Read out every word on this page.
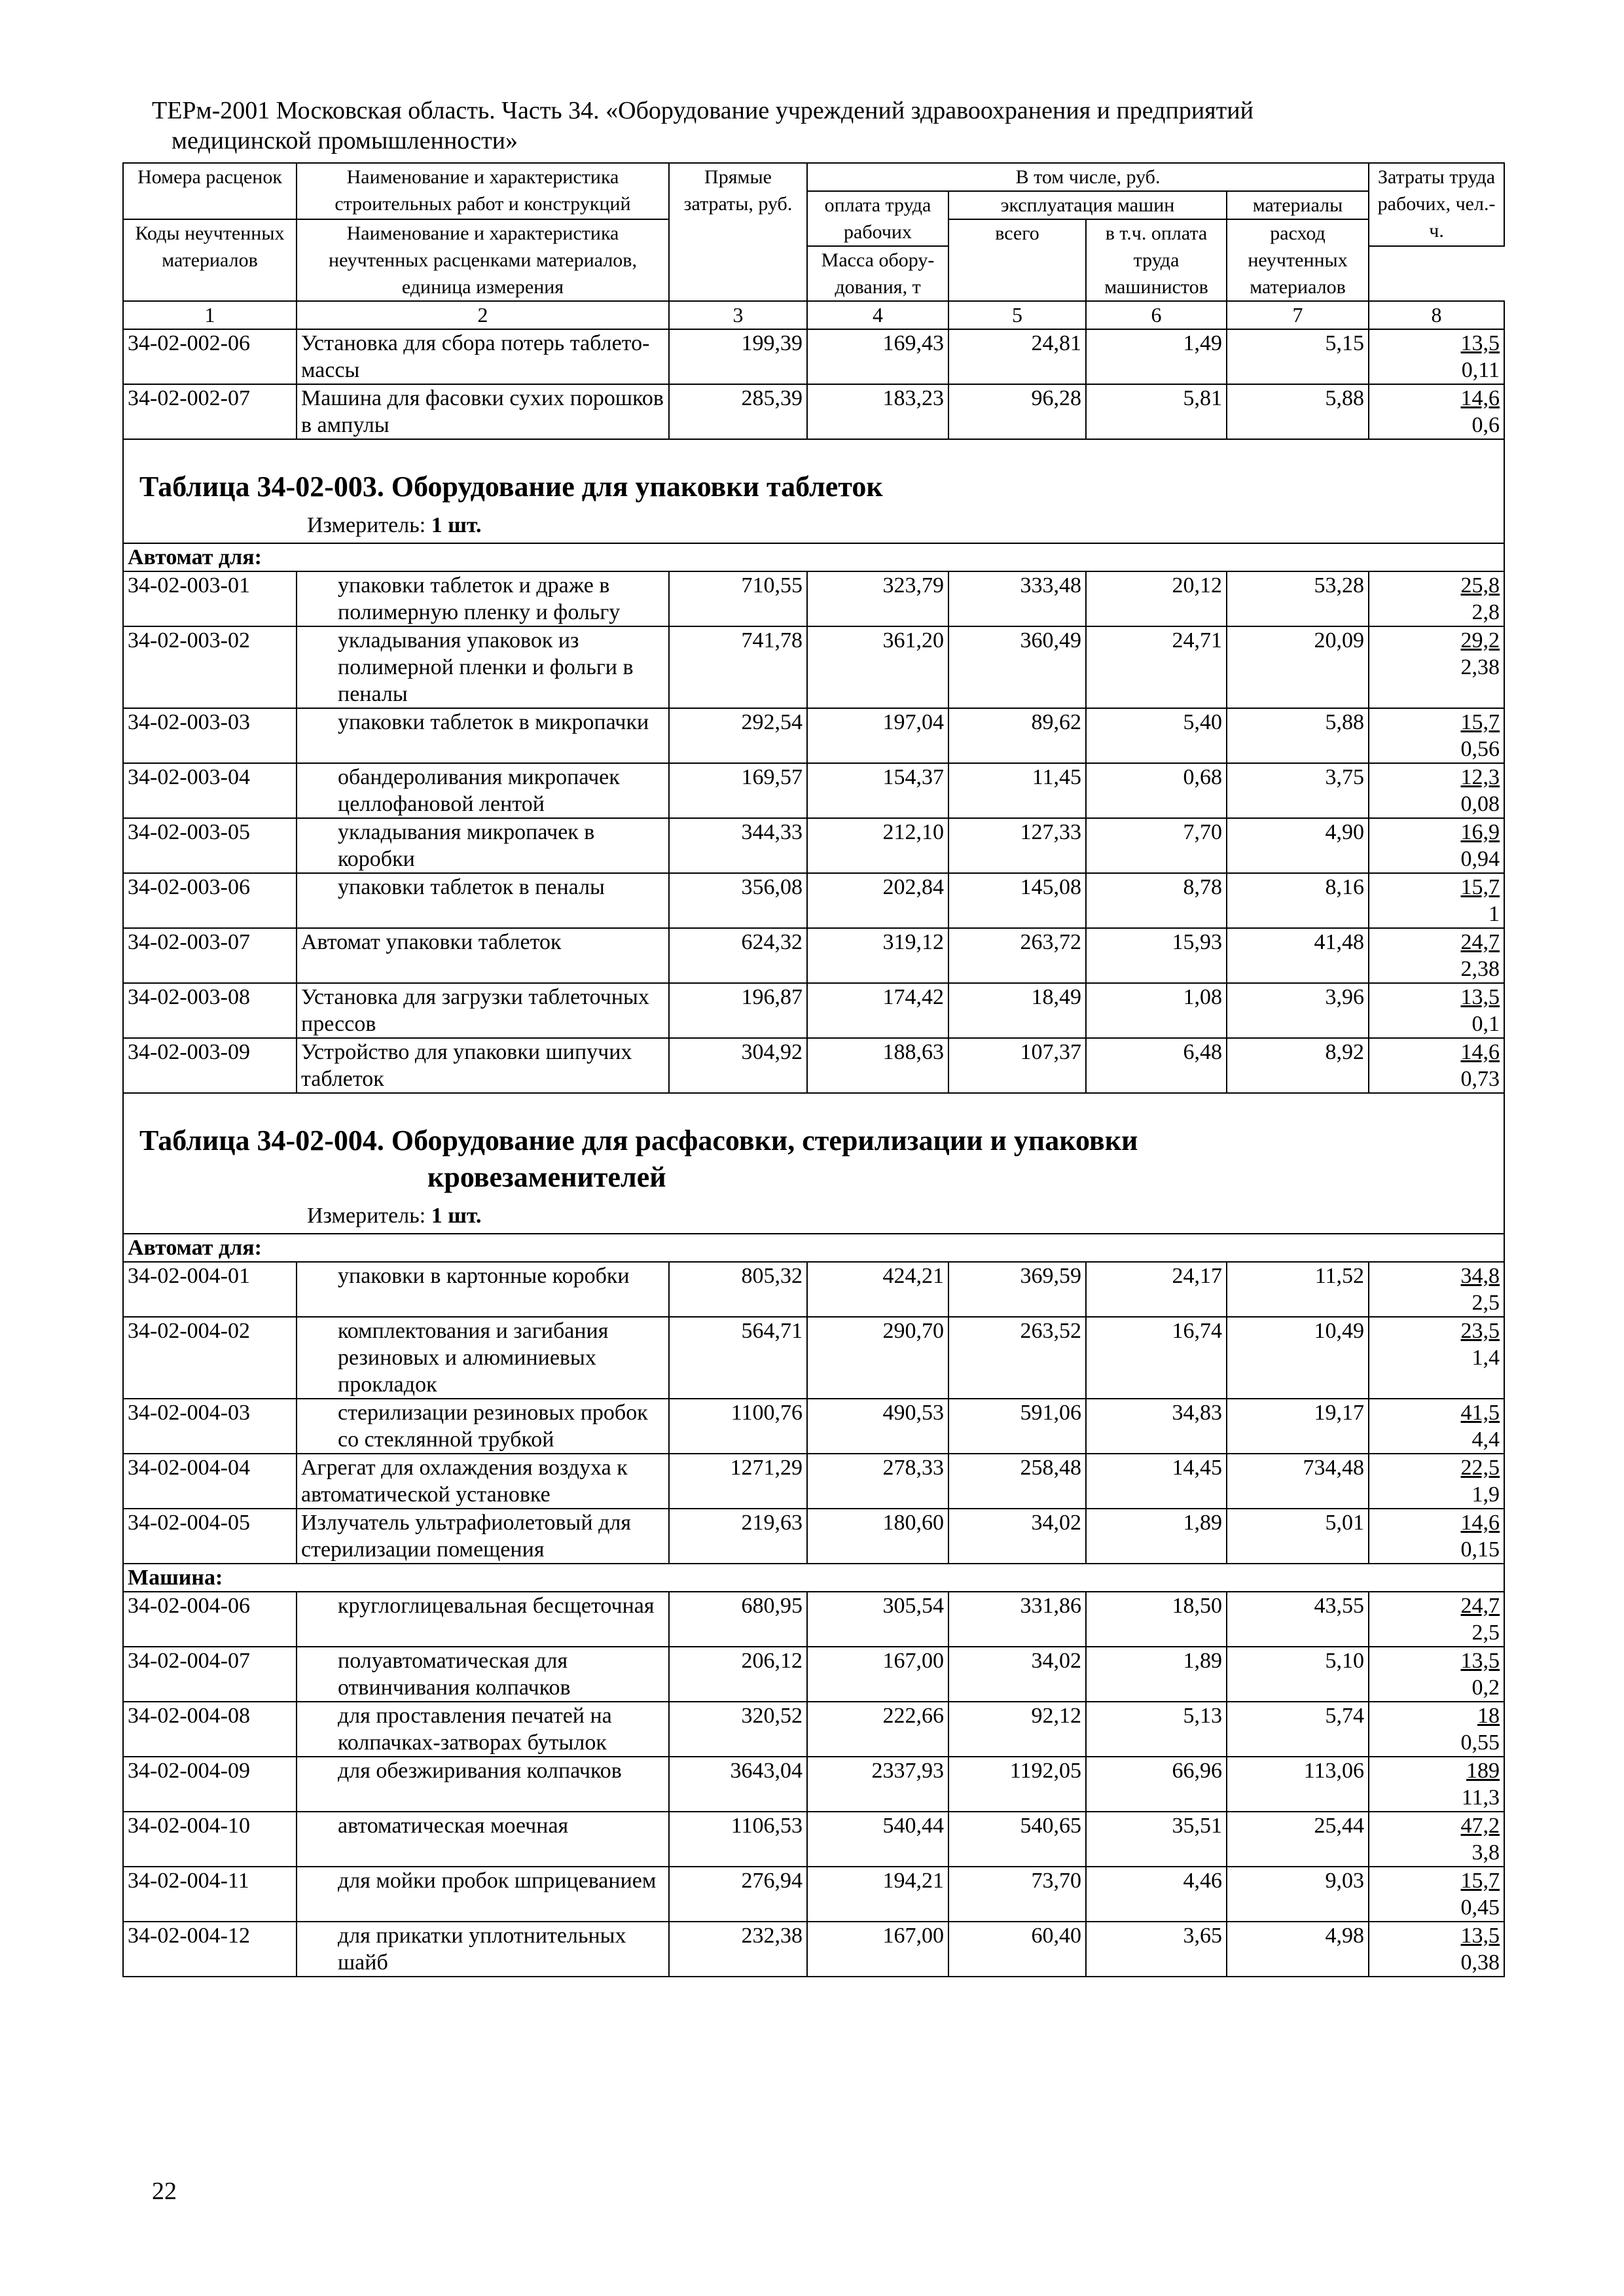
ТЕРм-2001 Московская область. Часть 34. «Оборудование учреждений здравоохранения и предприятий
медицинской промышленности»
Номера расценок	Наименование и характеристика строительных работ и конструкций	Прямые затраты, руб.	В том числе, руб.				Затраты труда рабочих, чел.-ч.
			оплата труда рабочих	эксплуатация машин		материалы	
Коды неучтенных материалов	Наименование и характеристика неучтенных расценками материалов, единица измерения			всего	в т.ч. оплата труда машинистов	расход неучтенных материалов	

			Масса обору-дования, т				
1	2	3	4	5	6	7	8
34-02-002-06	Установка для сбора потерь таблето-массы	199,39	169,43	24,81	1,49	5,15	13,5
0,11

34-02-002-07	Машина для фасовки сухих порошков в ампулы	285,39	183,23	96,28	5,81	5,88	14,6
0,6

Таблица 34-02-003. Оборудование для упаковки таблеток
Измеритель: 1 шт.							

Автомат для:							
34-02-003-01	упаковки таблеток и драже в полимерную пленку и фольгу	710,55	323,79	333,48	20,12	53,28	25,8
2,8

34-02-003-02	укладывания упаковок из полимерной пленки и фольги в пеналы	741,78	361,20	360,49	24,71	20,09	29,2
2,38

34-02-003-03	упаковки таблеток в микропачки	292,54	197,04	89,62	5,40	5,88	15,7
0,56

34-02-003-04	обандероливания микропачек целлофановой лентой	169,57	154,37	11,45	0,68	3,75	12,3
0,08

34-02-003-05	укладывания микропачек в коробки	344,33	212,10	127,33	7,70	4,90	16,9
0,94

34-02-003-06	упаковки таблеток в пеналы	356,08	202,84	145,08	8,78	8,16	15,7
1

34-02-003-07	Автомат упаковки таблеток	624,32	319,12	263,72	15,93	41,48	24,7
2,38

34-02-003-08	Установка для загрузки таблеточных прессов	196,87	174,42	18,49	1,08	3,96	13,5
0,1

34-02-003-09	Устройство для упаковки шипучих таблеток	304,92	188,63	107,37	6,48	8,92	14,6
0,73

Таблица 34-02-004. Оборудование для расфасовки, стерилизации и упаковки
кровезаменителей
Измеритель: 1 шт.							

Автомат для:							
34-02-004-01	упаковки в картонные коробки	805,32	424,21	369,59	24,17	11,52	34,8
2,5

34-02-004-02	комплектования и загибания резиновых и алюминиевых прокладок	564,71	290,70	263,52	16,74	10,49	23,5
1,4

34-02-004-03	стерилизации резиновых пробок со стеклянной трубкой	1100,76	490,53	591,06	34,83	19,17	41,5
4,4

34-02-004-04	Агрегат для охлаждения воздуха к автоматической установке	1271,29	278,33	258,48	14,45	734,48	22,5
1,9

34-02-004-05	Излучатель ультрафиолетовый для стерилизации помещения	219,63	180,60	34,02	1,89	5,01	14,6
0,15

Машина:							
34-02-004-06	круглоглицевальная бесщеточная	680,95	305,54	331,86	18,50	43,55	24,7
2,5

34-02-004-07	полуавтоматическая для отвинчивания колпачков	206,12	167,00	34,02	1,89	5,10	13,5
0,2

34-02-004-08	для проставления печатей на колпачках-затворах бутылок	320,52	222,66	92,12	5,13	5,74	18
0,55

34-02-004-09	для обезжиривания колпачков	3643,04	2337,93	1192,05	66,96	113,06	189
11,3

34-02-004-10	автоматическая моечная	1106,53	540,44	540,65	35,51	25,44	47,2
3,8

34-02-004-11	для мойки пробок шприцеванием	276,94	194,21	73,70	4,46	9,03	15,7
0,45

34-02-004-12	для прикатки уплотнительных шайб	232,38	167,00	60,40	3,65	4,98	13,5
0,38
22
